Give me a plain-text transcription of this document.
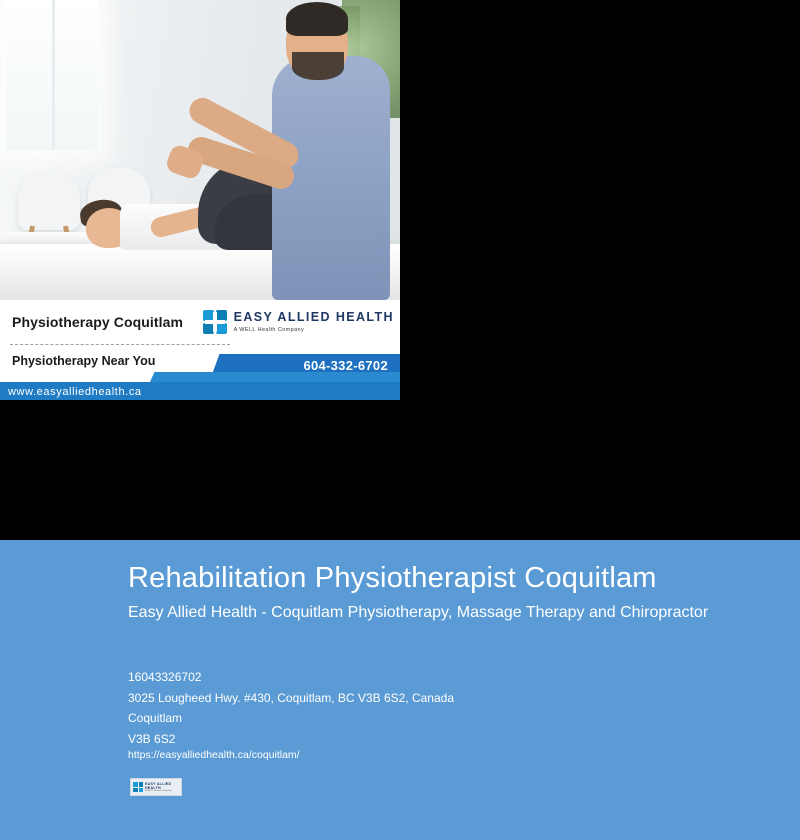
Physiotherapy Coquitlam
Physiotherapy Near You
EASY ALLIED HEALTH
A WELL Health Company
604-332-6702
www.easyalliedhealth.ca
Rehabilitation Physiotherapist Coquitlam
Easy Allied Health - Coquitlam Physiotherapy, Massage Therapy and Chiropractor
16043326702
3025 Lougheed Hwy. #430, Coquitlam, BC V3B 6S2, Canada
Coquitlam
V3B 6S2
https://easyalliedhealth.ca/coquitlam/
EASY ALLIED HEALTH
A WELL Health Company
